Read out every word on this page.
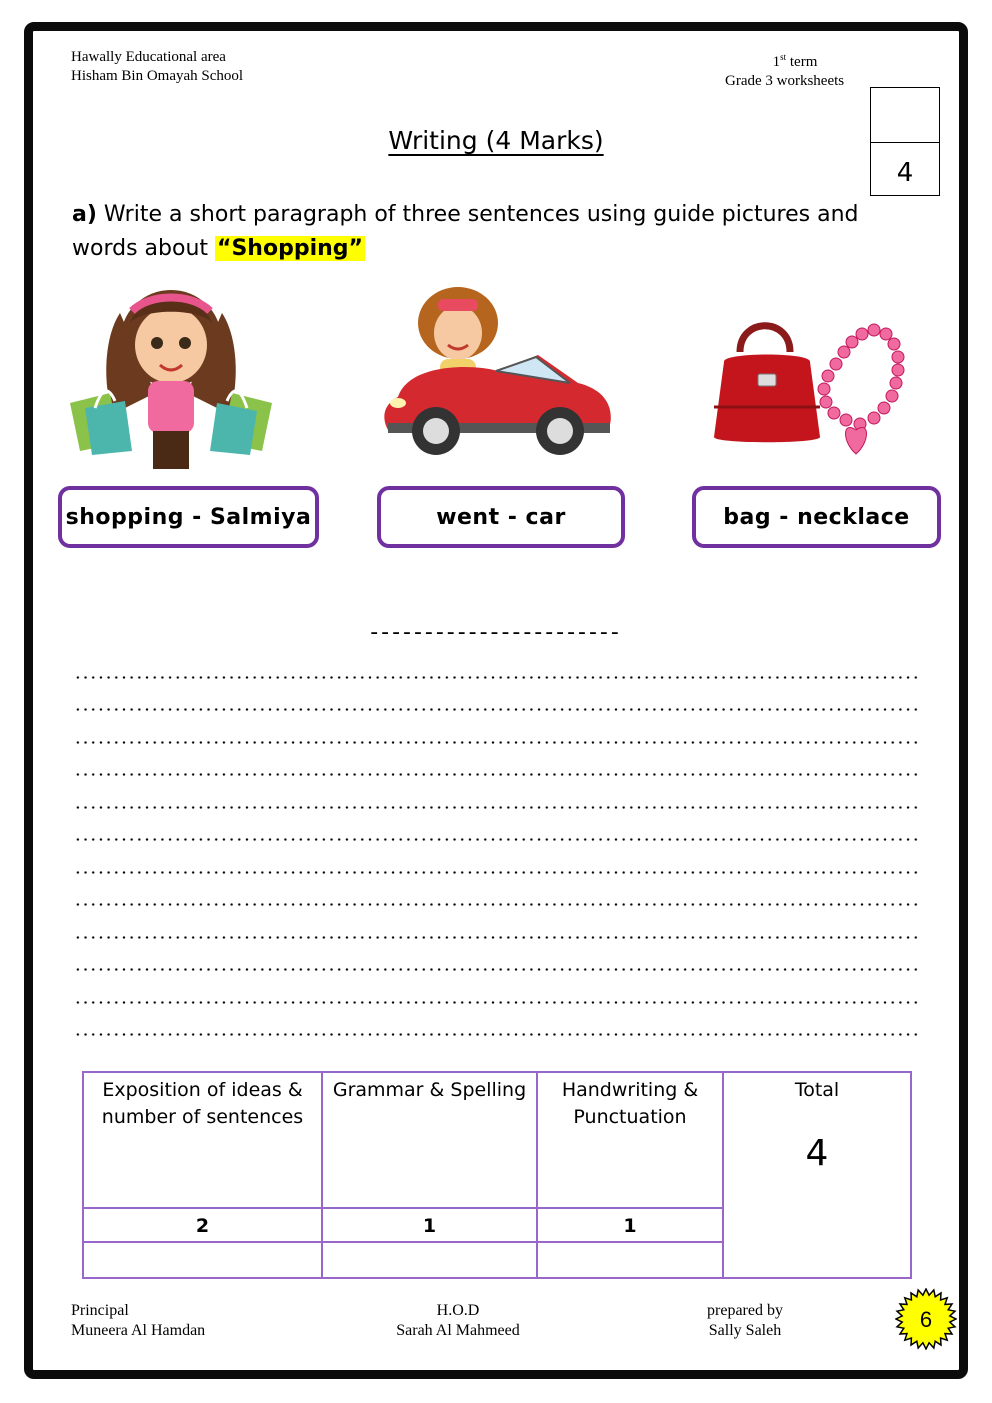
Hawally Educational area
Hisham Bin Omayah School
1st term
Grade 3 worksheets
4
Writing (4 Marks)
a) Write a short paragraph of three sentences using guide pictures and words about “Shopping”
shopping - Salmiya	went - car	bag - necklace
-----------------------
Exposition of ideas & number of sentences	Grammar & Spelling	Handwriting & Punctuation	Total
4

2	1	1	

Principal
Muneera Al Hamdan
H.O.D
Sarah Al Mahmeed
prepared by
Sally Saleh	6
